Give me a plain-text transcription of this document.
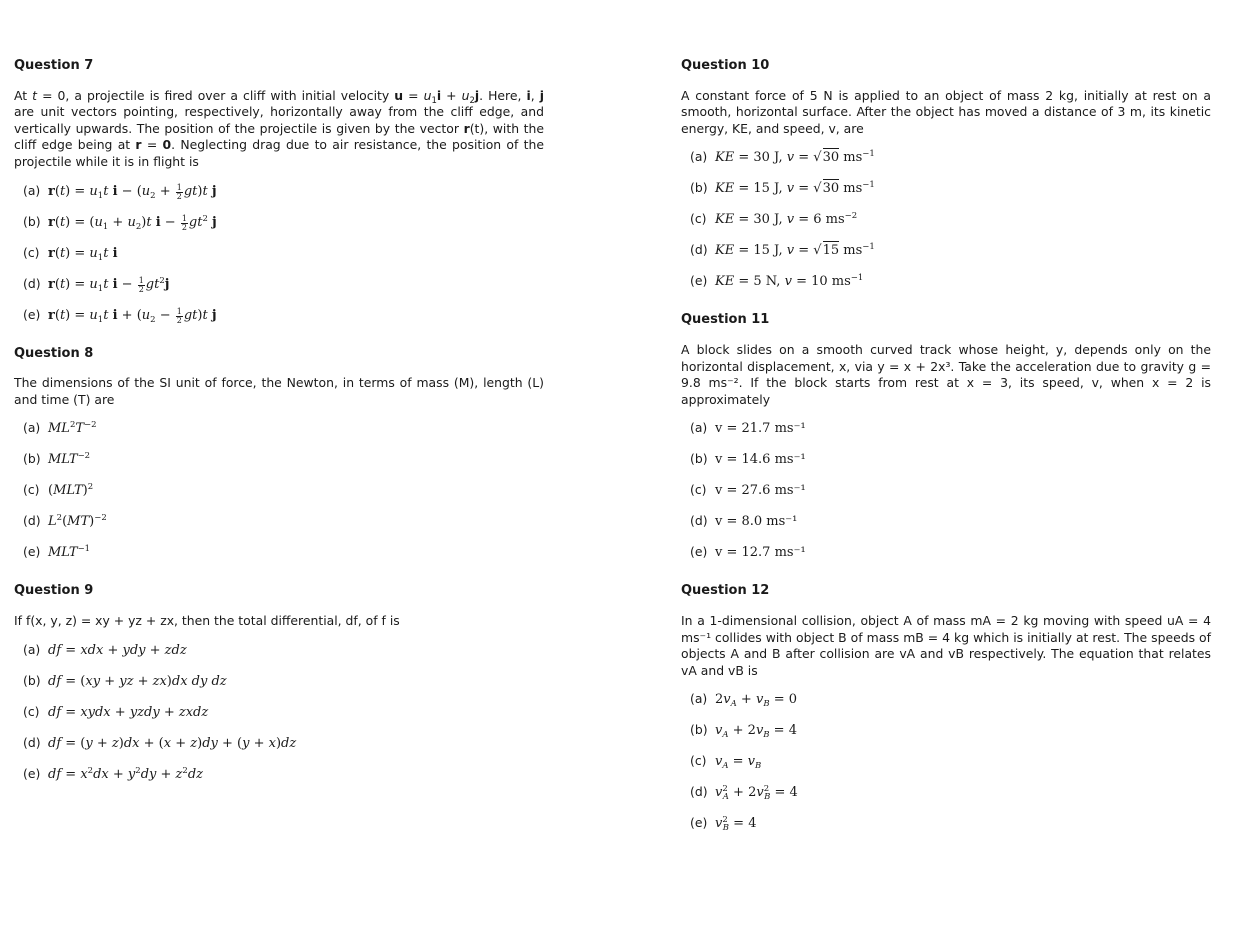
Question 7
At t = 0, a projectile is fired over a cliff with initial velocity $u = u_1i + u_2j$. Here, i, j are unit vectors pointing, respectively, horizontally away from the cliff edge, and vertically upwards. The position of the projectile is given by the vector r(t), with the cliff edge being at r = 0. Neglecting drag due to air resistance, the position of the projectile while it is in flight is
(a) $r(t) = u_1t$ $i - (u_2 + \frac{1}{2} gt)t$ j
(b) $r(t) = (u_1 + u_2)t$ $i - \frac{1}{2} gt^2$ j
(c) $r(t) = u_1t$ i
(d) $r(t) = u_1t$ $i - \frac{1}{2} gt^2j$
(e) $r(t) = u_1t$ $i + (u_2 - \frac{1}{2} gt)t$ j
Question 8
The dimensions of the SI unit of force, the Newton, in terms of mass (M), length (L) and time (T) are
(a) $ML^2T^{-2}$
(b) $MLT^{-2}$
(c) (MLT)$^2$
(d) $L^2(MT)^{-2}$
(e) $MLT^{-1}$
Question 9
If f(x, y, z) = xy + yz + zx, then the total differential, df, of f is
(a) df = xdx + ydy + zdz
(b) df = (xy + yz + zx)dx dy dz
(c) df = xydx + yzdy + zxdz
(d) df = (y + z)dx + (x + z)dy + (y + x)dz
(e) df = $x^2dx + y^2dy + z^2dz$
Question 10
A constant force of 5 N is applied to an object of mass 2 kg, initially at rest on a smooth, horizontal surface. After the object has moved a distance of 3 m, its kinetic energy, KE, and speed, v, are
(a) KE = 30 J, v = √30 $ms^{-1}$
(b) KE = 15 J, v = √30 $ms^{-1}$
(c) KE = 30 J, v = 6 $ms^{-2}$
(d) KE = 15 J, v = √15 $ms^{-1}$
(e) KE = 5 N, v = 10 $ms^{-1}$
Question 11
A block slides on a smooth curved track whose height, y, depends only on the horizontal displacement, x, via y = x + 2x³. Take the acceleration due to gravity g = 9.8 ms⁻². If the block starts from rest at x = 3, its speed, v, when x = 2 is approximately
(a) v = 21.7 ms⁻¹
(b) v = 14.6 ms⁻¹
(c) v = 27.6 ms⁻¹
(d) v = 8.0 ms⁻¹
(e) v = 12.7 ms⁻¹
Question 12
In a 1-dimensional collision, object A of mass mA = 2 kg moving with speed uA = 4 ms⁻¹ collides with object B of mass mB = 4 kg which is initially at rest. The speeds of objects A and B after collision are vA and vB respectively. The equation that relates vA and vB is
(a) $2v_A + v_B = 0$
(b) $v_A + 2v_B = 4$
(c) $v_A = v_B$
(d) $v^2_A + 2v^2_B = 4$
(e) $v^2_B = 4$
